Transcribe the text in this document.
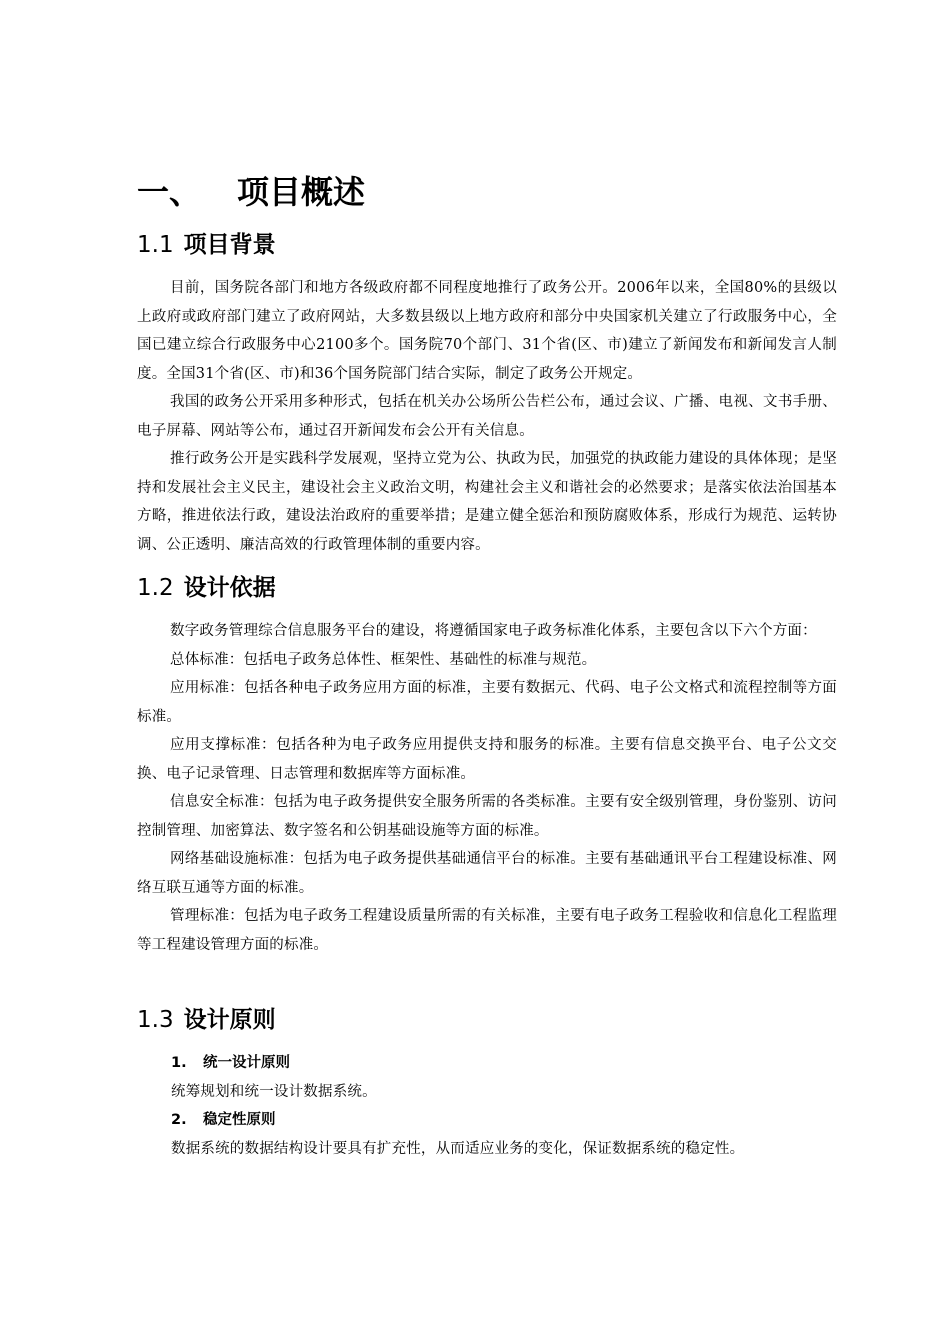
一、	项目概述
1.1 项目背景

目前，国务院各部门和地方各级政府都不同程度地推行了政务公开。2006年以来，全国80%的县级以上政府或政府部门建立了政府网站，大多数县级以上地方政府和部分中央国家机关建立了行政服务中心，全国已建立综合行政服务中心2100多个。国务院70个部门、31个省(区、市)建立了新闻发布和新闻发言人制度。全国31个省(区、市)和36个国务院部门结合实际，制定了政务公开规定。

我国的政务公开采用多种形式，包括在机关办公场所公告栏公布，通过会议、广播、电视、文书手册、电子屏幕、网站等公布，通过召开新闻发布会公开有关信息。

推行政务公开是实践科学发展观，坚持立党为公、执政为民，加强党的执政能力建设的具体体现；是坚持和发展社会主义民主，建设社会主义政治文明，构建社会主义和谐社会的必然要求；是落实依法治国基本方略，推进依法行政，建设法治政府的重要举措；是建立健全惩治和预防腐败体系，形成行为规范、运转协调、公正透明、廉洁高效的行政管理体制的重要内容。

1.2 设计依据

数字政务管理综合信息服务平台的建设，将遵循国家电子政务标准化体系，主要包含以下六个方面：

总体标准：包括电子政务总体性、框架性、基础性的标准与规范。

应用标准：包括各种电子政务应用方面的标准，主要有数据元、代码、电子公文格式和流程控制等方面标准。

应用支撑标准：包括各种为电子政务应用提供支持和服务的标准。主要有信息交换平台、电子公文交换、电子记录管理、日志管理和数据库等方面标准。

信息安全标准：包括为电子政务提供安全服务所需的各类标准。主要有安全级别管理，身份鉴别、访问控制管理、加密算法、数字签名和公钥基础设施等方面的标准。

网络基础设施标准：包括为电子政务提供基础通信平台的标准。主要有基础通讯平台工程建设标准、网络互联互通等方面的标准。

管理标准：包括为电子政务工程建设质量所需的有关标准，主要有电子政务工程验收和信息化工程监理等工程建设管理方面的标准。

1.3 设计原则
1. 统一设计原则

统筹规划和统一设计数据系统。

2. 稳定性原则

数据系统的数据结构设计要具有扩充性，从而适应业务的变化，保证数据系统的稳定性。
